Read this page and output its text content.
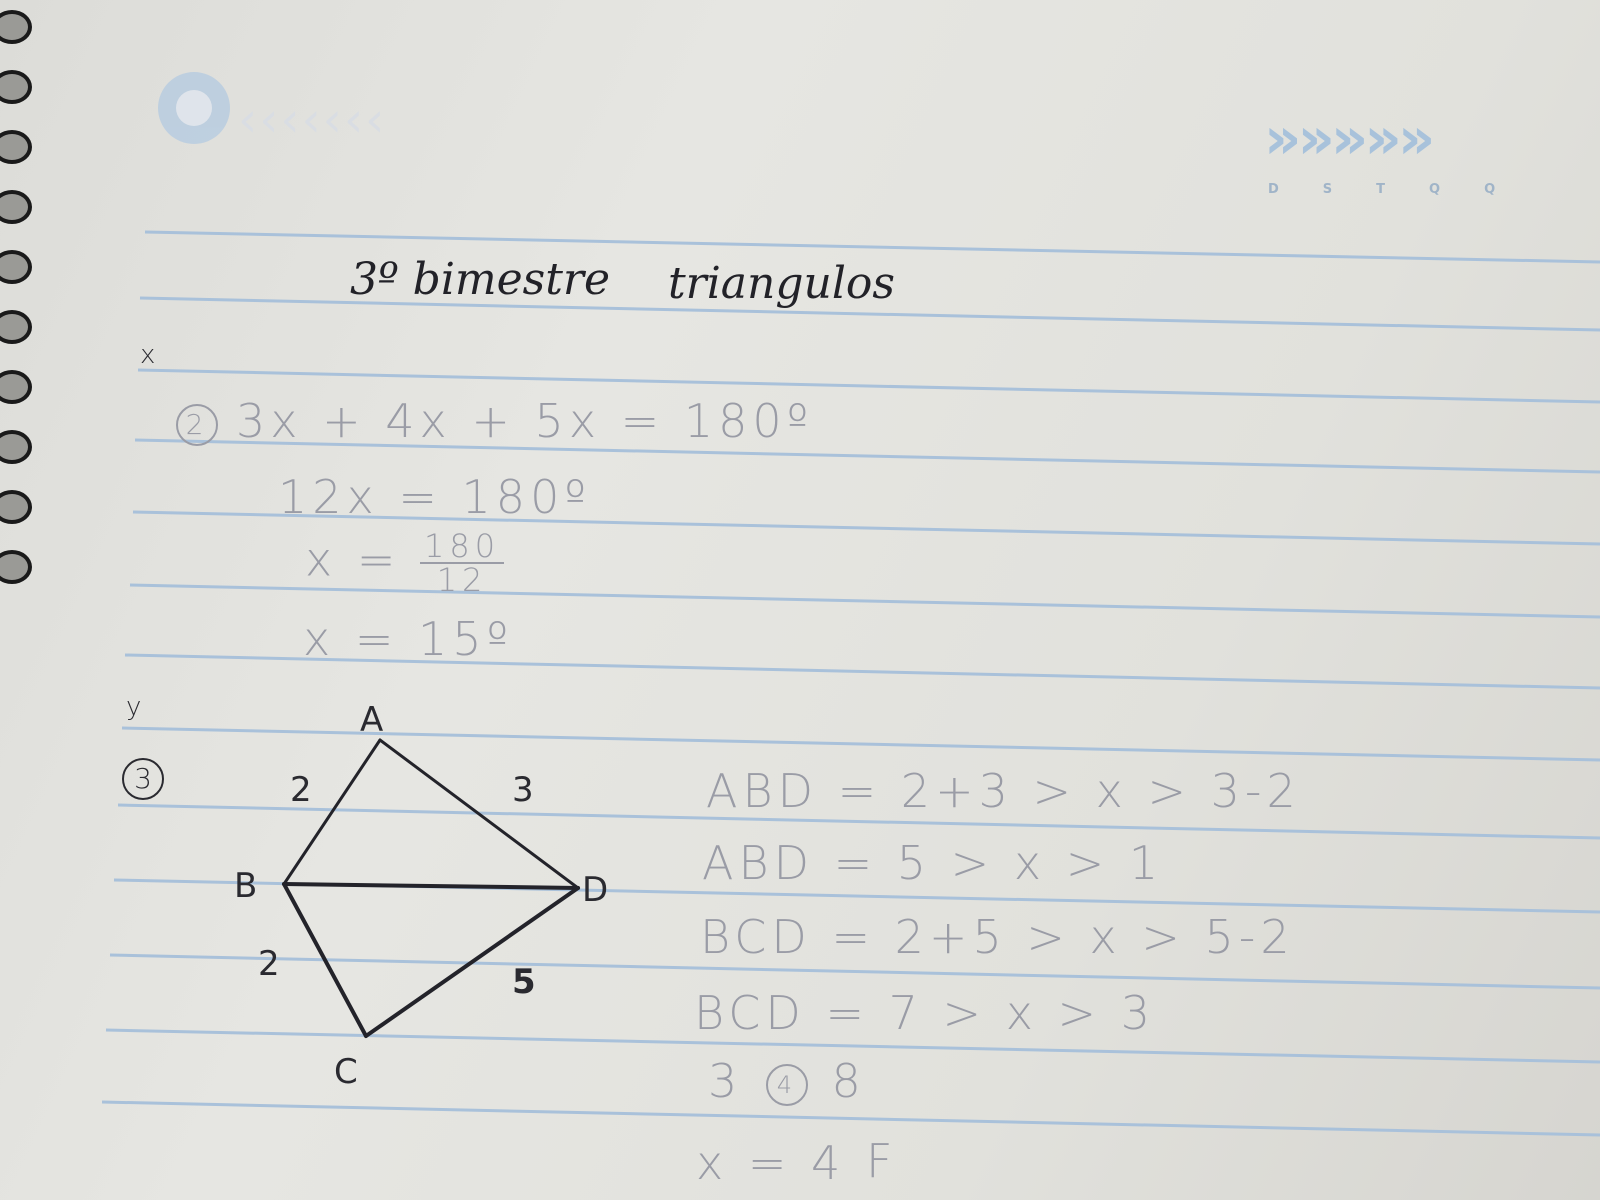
‹‹‹‹‹‹‹	»»»»»
DSTQQ
3º bimestre triangulos
x
y
2 3x + 4x + 5x = 180º
12x = 180º
$x = \frac{180}{12}$
x = 15º
3
A
B
C
D
2	3
2	5
ABD = 2+3 > x > 3-2
ABD = 5 > x > 1
BCD = 2+5 > x > 5-2
BCD = 7 > x > 3
3 4 8
x = 4 F
